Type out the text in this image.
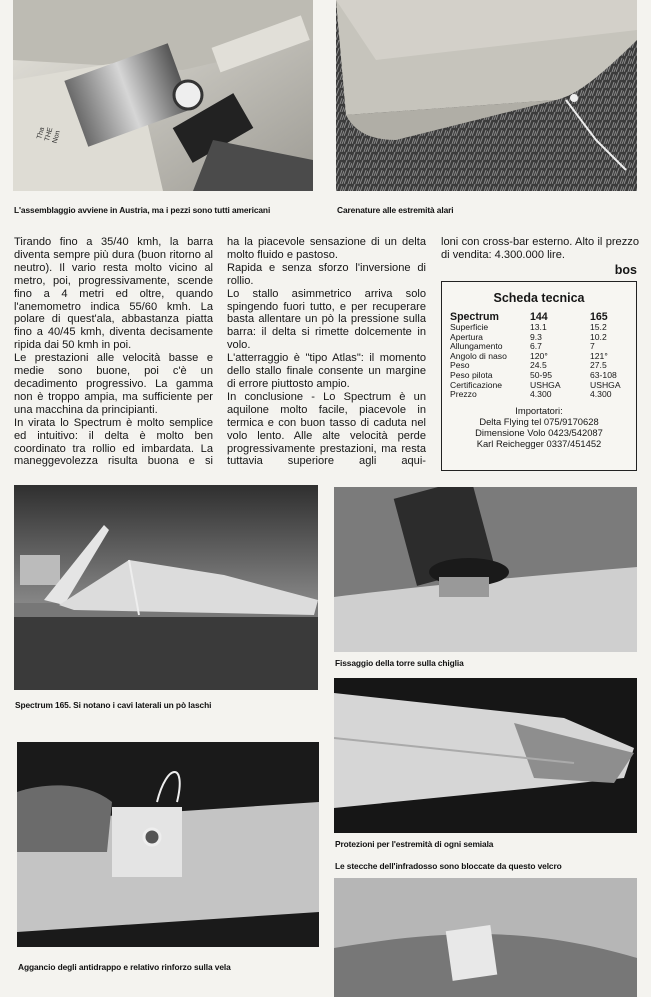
Tha
THE
Non
L'assemblaggio avviene in Austria, ma i pezzi sono tutti americani	Carenature alle estremità alari
Fissaggio della torre sulla chiglia
Spectrum 165. Si notano i cavi laterali un pò laschi
Protezioni per l'estremità di ogni semiala
Le stecche dell'infradosso sono bloccate da questo velcro
Aggancio degli antidrappo e relativo rinforzo sulla vela

Tirando fino a 35/40 kmh, la barra diventa sempre più dura (buon ritorno al neutro). Il vario resta molto vicino al metro, poi, progressivamente, scende fino a 4 metri ed oltre, quando l'anemometro indica 55/60 kmh. La polare di quest'ala, abbastanza piatta fino a 40/45 kmh, diventa decisamente ripida dai 50 kmh in poi.

Le prestazioni alle velocità basse e medie sono buone, poi c'è un decadimento progressivo. La gamma non è troppo ampia, ma sufficiente per una macchina da principianti.

In virata lo Spectrum è molto semplice ed intuitivo: il delta è molto ben coordinato tra rollio ed imbardata. La maneggevolezza risulta buona e si

ha la piacevole sensazione di un delta molto fluido e pastoso.

Rapida e senza sforzo l'inversione di rollio.

Lo stallo asimmetrico arriva solo spingendo fuori tutto, e per recuperare basta allentare un pò la pressione sulla barra: il delta si rimette dolcemente in volo.

L'atterraggio è "tipo Atlas": il momento dello stallo finale consente un margine di errore piuttosto ampio.

In conclusione - Lo Spectrum è un aquilone molto facile, piacevole in termica e con buon tasso di caduta nel volo lento. Alle alte velocità perde progressivamente prestazioni, ma resta tuttavia superiore agli aqui-

loni con cross-bar esterno. Alto il prezzo di vendita: 4.300.000 lire.

bos
Scheda tecnica
Spectrum	144	165
Superficie	13.1	15.2
Apertura	9.3	10.2
Allungamento	6.7	7
Angolo di naso	120°	121°
Peso	24.5	27.5
Peso pilota	50-95	63-108
Certificazione	USHGA	USHGA
Prezzo	4.300	4.300
Importatori:
Delta Flying tel 075/9170628
Dimensione Volo 0423/542087
Karl Reichegger 0337/451452
